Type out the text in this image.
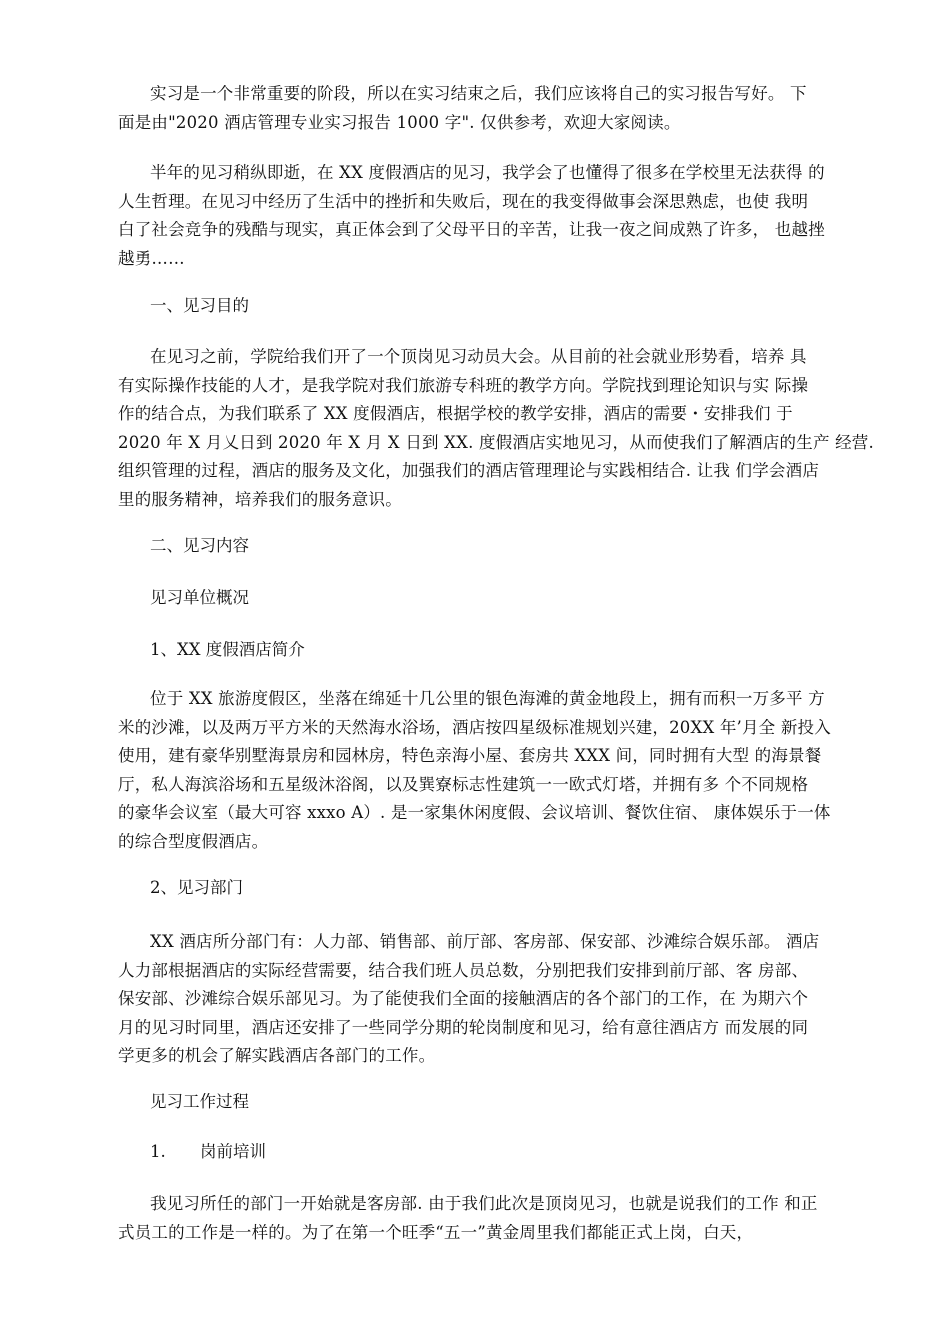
实习是一个非常重要的阶段，所以在实习结束之后，我们应该将自己的实习报告写好。 下
面是由"2020 酒店管理专业实习报告 1000 字". 仅供参考，欢迎大家阅读。
半年的见习稍纵即逝，在 XX 度假酒店的见习，我学会了也懂得了很多在学校里无法获得 的
人生哲理。在见习中经历了生活中的挫折和失败后，现在的我变得做事会深思熟虑，也使 我明
白了社会竞争的残酷与现实，真正体会到了父母平日的辛苦，让我一夜之间成熟了许多， 也越挫
越勇……
一、见习目的
在见习之前，学院给我们开了一个顶岗见习动员大会。从目前的社会就业形势看，培养 具
有实际操作技能的人才，是我学院对我们旅游专科班的教学方向。学院找到理论知识与实 际操
作的结合点，为我们联系了 XX 度假酒店，根据学校的教学安排，酒店的需要・安排我们 于
2020 年 X 月乂日到 2020 年 X 月 X 日到 XX. 度假酒店实地见习，从而使我们了解酒店的生产 经营.
组织管理的过程，酒店的服务及文化，加强我们的酒店管理理论与实践相结合. 让我 们学会酒店
里的服务精神，培养我们的服务意识。
二、见习内容
见习单位概况
1、XX 度假酒店简介
位于 XX 旅游度假区，坐落在绵延十几公里的银色海滩的黄金地段上，拥有而积一万多平 方
米的沙滩，以及两万平方米的天然海水浴场，酒店按四星级标准规划兴建，20XX 年’月全 新投入
使用，建有豪华别墅海景房和园林房，特色亲海小屋、套房共 XXX 间，同时拥有大型 的海景餐
厅，私人海滨浴场和五星级沐浴阁，以及巽寮标志性建筑一一欧式灯塔，并拥有多 个不同规格
的豪华会议室（最大可容 xxxo A）. 是一家集休闲度假、会议培训、餐饮住宿、 康体娱乐于一体
的综合型度假酒店。
2、见习部门
XX 酒店所分部门有：人力部、销售部、前厅部、客房部、保安部、沙滩综合娱乐部。 酒店
人力部根据酒店的实际经营需要，结合我们班人员总数，分别把我们安排到前厅部、客 房部、
保安部、沙滩综合娱乐部见习。为了能使我们全面的接触酒店的各个部门的工作，在 为期六个
月的见习时同里，酒店还安排了一些同学分期的轮岗制度和见习，给有意往酒店方 而发展的同
学更多的机会了解实践酒店各部门的工作。
见习工作过程
1. 岗前培训
我见习所任的部门一开始就是客房部. 由于我们此次是顶岗见习，也就是说我们的工作 和正
式员工的工作是一样的。为了在第一个旺季“五一”黄金周里我们都能正式上岗，白天，
